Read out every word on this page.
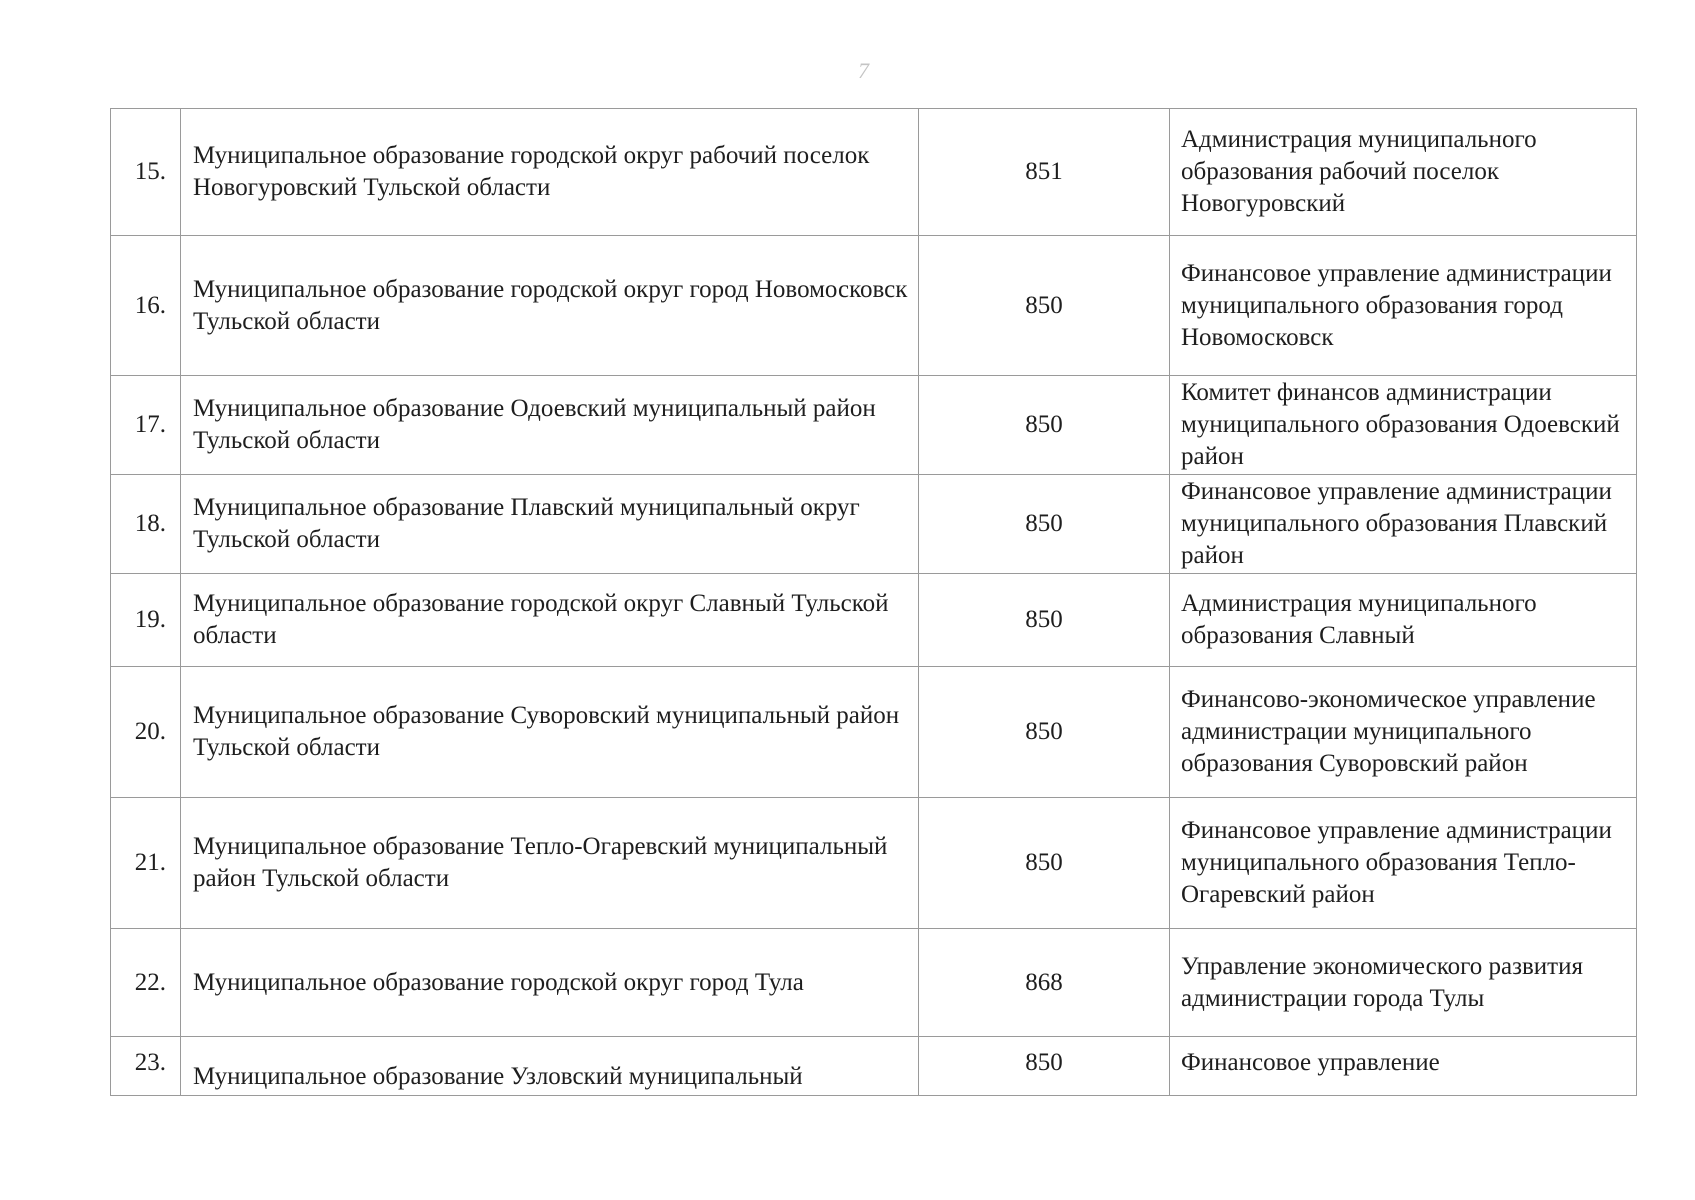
7
15.	Муниципальное образование городской округ рабочий поселок Новогуровский Тульской области	851	Администрация муниципального образования рабочий поселок Новогуровский
16.	Муниципальное образование городской округ город Новомосковск Тульской области	850	Финансовое управление администрации муниципального образования город Новомосковск
17.	Муниципальное образование Одоевский муниципальный район Тульской области	850	Комитет финансов администрации муниципального образования Одоевский район
18.	Муниципальное образование Плавский муниципальный округ Тульской области	850	Финансовое управление администрации муниципального образования Плавский район
19.	Муниципальное образование городской округ Славный Тульской области	850	Администрация муниципального образования Славный
20.	Муниципальное образование Суворовский муниципальный район Тульской области	850	Финансово-экономическое управление администрации муниципального образования Суворовский район
21.	Муниципальное образование Тепло-Огаревский муниципальный район Тульской области	850	Финансовое управление администрации муниципального образования Тепло-Огаревский район
22.	Муниципальное образование городской округ город Тула	868	Управление экономического развития администрации города Тулы
23.	Муниципальное образование Узловский муниципальный	850	Финансовое управление
